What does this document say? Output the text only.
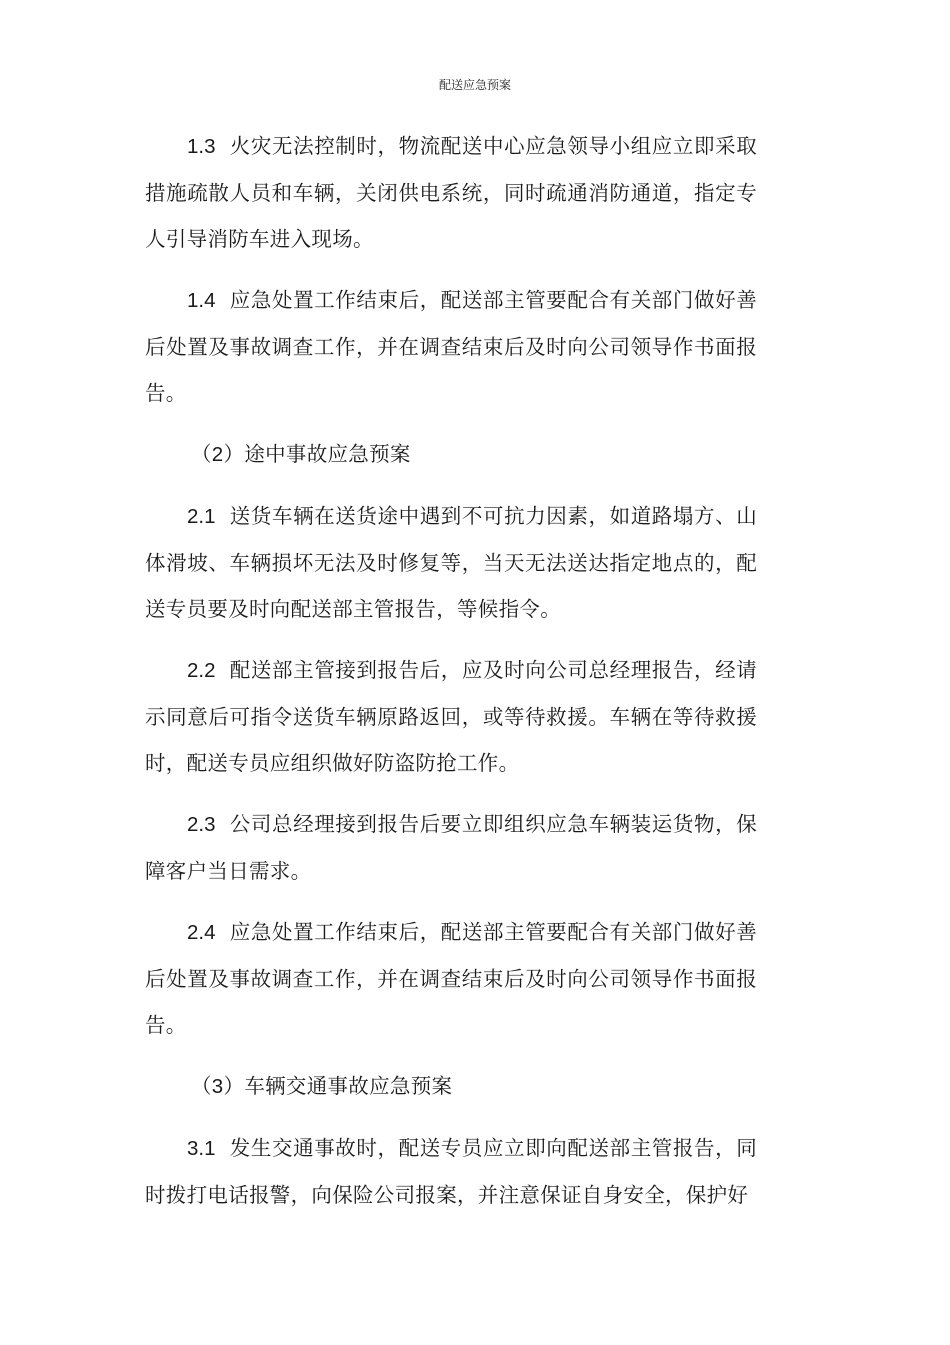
配送应急预案

1.3 火灾无法控制时，物流配送中心应急领导小组应立即采取措施疏散人员和车辆，关闭供电系统，同时疏通消防通道，指定专人引导消防车进入现场。

1.4 应急处置工作结束后，配送部主管要配合有关部门做好善后处置及事故调查工作，并在调查结束后及时向公司领导作书面报告。

（2）途中事故应急预案

2.1 送货车辆在送货途中遇到不可抗力因素，如道路塌方、山体滑坡、车辆损坏无法及时修复等，当天无法送达指定地点的，配送专员要及时向配送部主管报告，等候指令。

2.2 配送部主管接到报告后，应及时向公司总经理报告，经请示同意后可指令送货车辆原路返回，或等待救援。车辆在等待救援时，配送专员应组织做好防盗防抢工作。

2.3 公司总经理接到报告后要立即组织应急车辆装运货物，保障客户当日需求。

2.4 应急处置工作结束后，配送部主管要配合有关部门做好善后处置及事故调查工作，并在调查结束后及时向公司领导作书面报告。

（3）车辆交通事故应急预案

3.1 发生交通事故时，配送专员应立即向配送部主管报告，同时拨打电话报警，向保险公司报案，并注意保证自身安全，保护好
